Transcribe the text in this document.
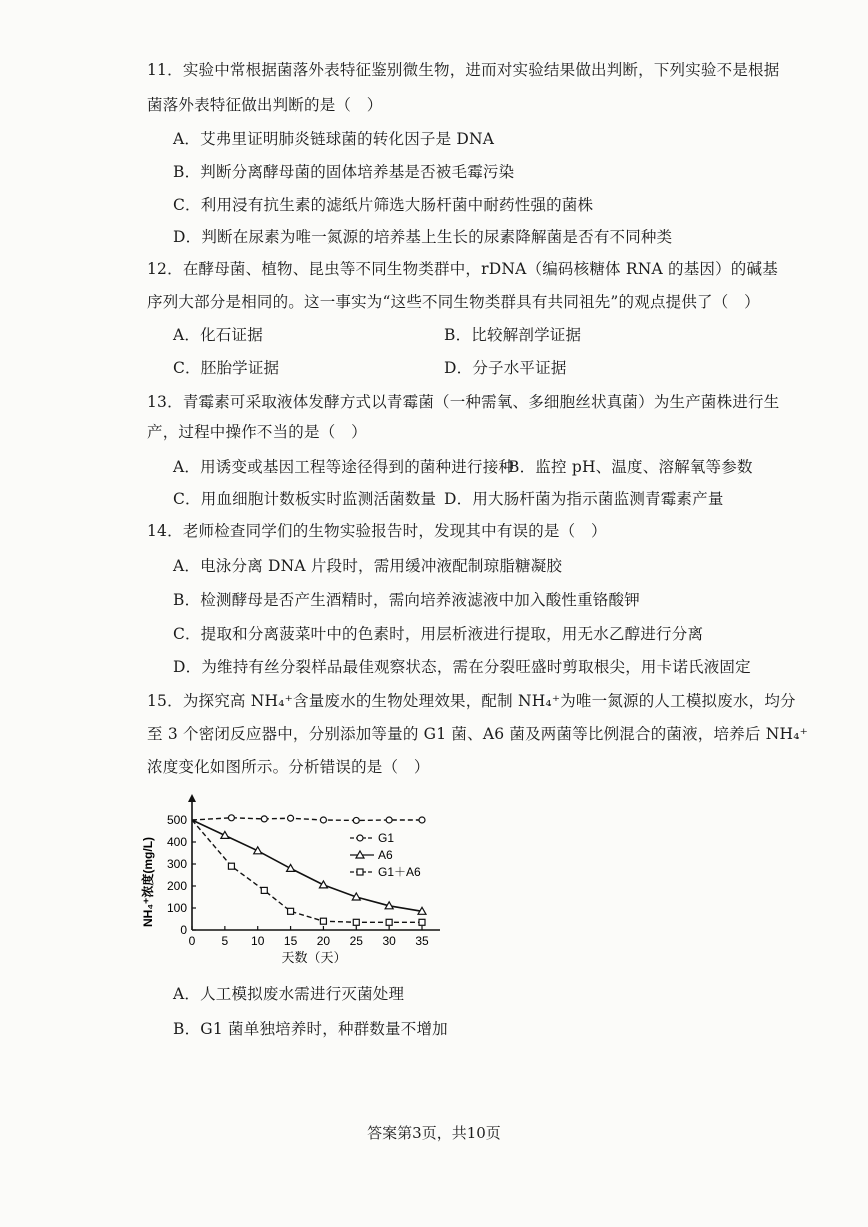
11．实验中常根据菌落外表特征鉴别微生物，进而对实验结果做出判断，下列实验不是根据
菌落外表特征做出判断的是（　）
A．艾弗里证明肺炎链球菌的转化因子是 DNA
B．判断分离酵母菌的固体培养基是否被毛霉污染
C．利用浸有抗生素的滤纸片筛选大肠杆菌中耐药性强的菌株
D．判断在尿素为唯一氮源的培养基上生长的尿素降解菌是否有不同种类
12．在酵母菌、植物、昆虫等不同生物类群中，rDNA（编码核糖体 RNA 的基因）的碱基
序列大部分是相同的。这一事实为“这些不同生物类群具有共同祖先”的观点提供了（　）
A．化石证据	B．比较解剖学证据
C．胚胎学证据	D．分子水平证据
13．青霉素可采取液体发酵方式以青霉菌（一种需氧、多细胞丝状真菌）为生产菌株进行生
产，过程中操作不当的是（　）
A．用诱变或基因工程等途径得到的菌种进行接种
B．监控 pH、温度、溶解氧等参数
C．用血细胞计数板实时监测活菌数量 D．用大肠杆菌为指示菌监测青霉素产量
14．老师检查同学们的生物实验报告时，发现其中有误的是（　）
A．电泳分离 DNA 片段时，需用缓冲液配制琼脂糖凝胶
B．检测酵母是否产生酒精时，需向培养液滤液中加入酸性重铬酸钾
C．提取和分离菠菜叶中的色素时，用层析液进行提取，用无水乙醇进行分离
D．为维持有丝分裂样品最佳观察状态，需在分裂旺盛时剪取根尖，用卡诺氏液固定
15．为探究高 NH₄⁺含量废水的生物处理效果，配制 NH₄⁺为唯一氮源的人工模拟废水，均分
至 3 个密闭反应器中，分别添加等量的 G1 菌、A6 菌及两菌等比例混合的菌液，培养后 NH₄⁺
浓度变化如图所示。分析错误的是（　）
0
100
200
300
400
500
0 5 10 15 20 25 30 35
G1
A6
G1＋A6
NH₄⁺浓度(mg/L)
天数（天）
A．人工模拟废水需进行灭菌处理
B．G1 菌单独培养时，种群数量不增加
答案第3页，共10页
